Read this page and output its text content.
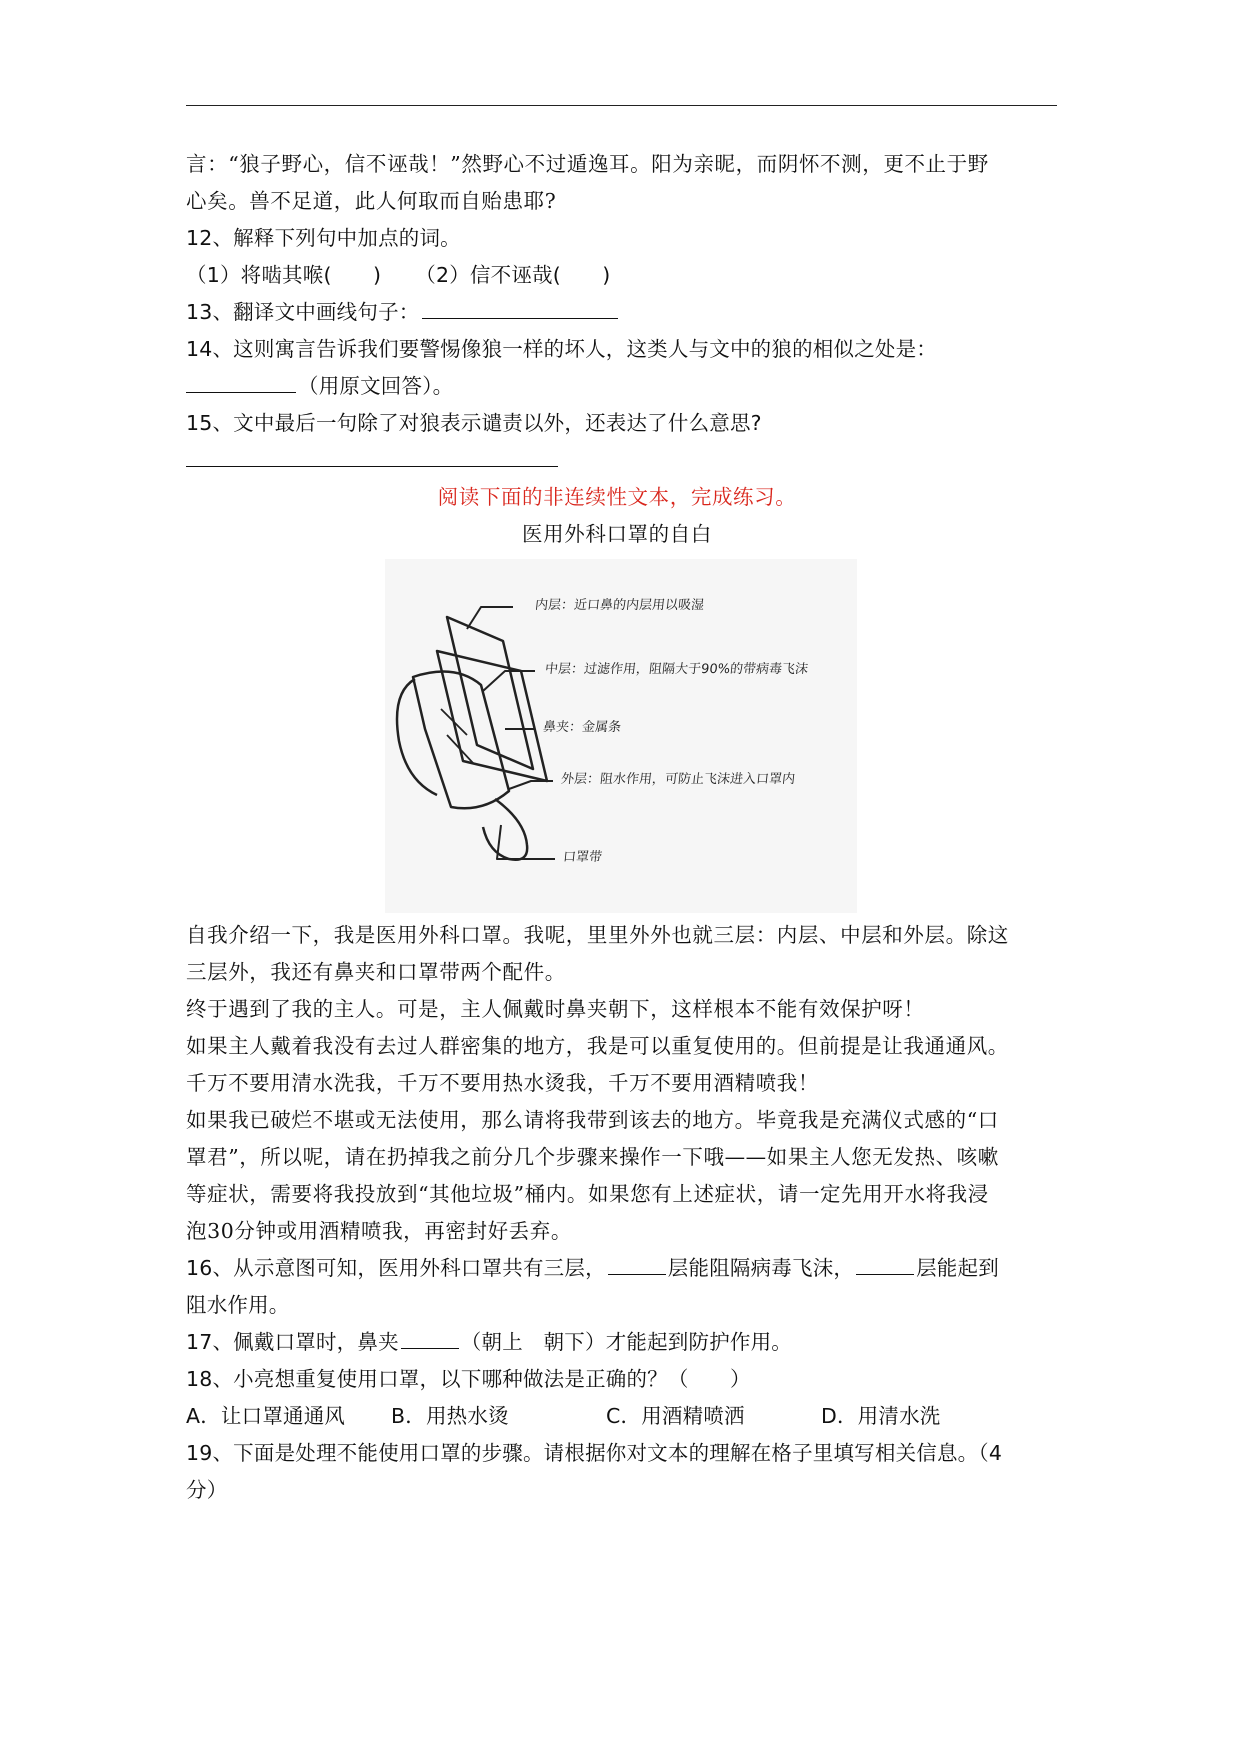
言：“狼子野心，信不诬哉！”然野心不过遁逸耳。阳为亲昵，而阴怀不测，更不止于野
心矣。兽不足道，此人何取而自贻患耶?
12、解释下列句中加点的词。
（1）将啮其喉(　　) （2）信不诬哉(　　)
13、翻译文中画线句子：
14、这则寓言告诉我们要警惕像狼一样的坏人，这类人与文中的狼的相似之处是：
（用原文回答）。
15、文中最后一句除了对狼表示谴责以外，还表达了什么意思?
阅读下面的非连续性文本，完成练习。
医用外科口罩的自白
内层：近口鼻的内层用以吸湿
中层：过滤作用，阻隔大于90%的带病毒飞沫
鼻夹：金属条
外层：阻水作用，可防止飞沫进入口罩内
口罩带
自我介绍一下，我是医用外科口罩。我呢，里里外外也就三层：内层、中层和外层。除这
三层外，我还有鼻夹和口罩带两个配件。
终于遇到了我的主人。可是，主人佩戴时鼻夹朝下，这样根本不能有效保护呀！
如果主人戴着我没有去过人群密集的地方，我是可以重复使用的。但前提是让我通通风。
千万不要用清水洗我，千万不要用热水烫我，千万不要用酒精喷我！
如果我已破烂不堪或无法使用，那么请将我带到该去的地方。毕竟我是充满仪式感的“口
罩君”，所以呢，请在扔掉我之前分几个步骤来操作一下哦——如果主人您无发热、咳嗽
等症状，需要将我投放到“其他垃圾”桶内。如果您有上述症状，请一定先用开水将我浸
泡30分钟或用酒精喷我，再密封好丢弃。
16、从示意图可知，医用外科口罩共有三层，	层能阻隔病毒飞沫，	层能起到
阻水作用。
17、佩戴口罩时，鼻夹	（朝上　朝下）才能起到防护作用。
18、小亮想重复使用口罩，以下哪种做法是正确的？（　　）
A．让口罩通通风 B．用热水烫	C．用酒精喷洒	D．用清水洗
19、下面是处理不能使用口罩的步骤。请根据你对文本的理解在格子里填写相关信息。（4
分）
